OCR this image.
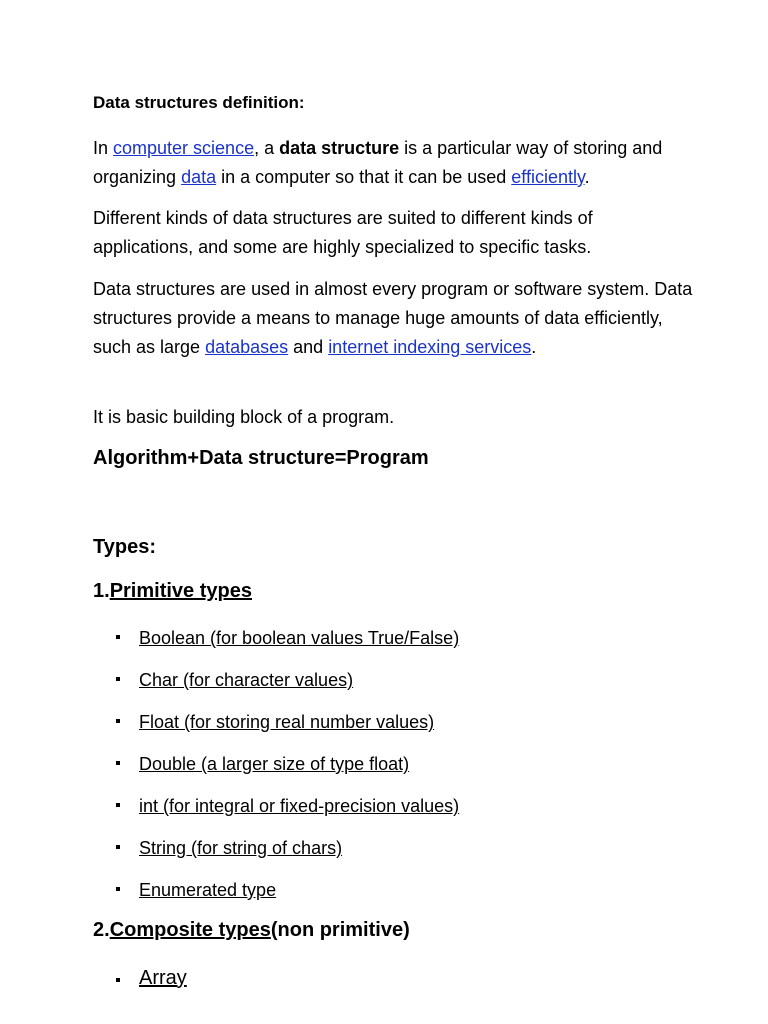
Data structures definition:
In computer science, a data structure is a particular way of storing and organizing data in a computer so that it can be used efficiently.
Different kinds of data structures are suited to different kinds of applications, and some are highly specialized to specific tasks.
Data structures are used in almost every program or software system. Data structures provide a means to manage huge amounts of data efficiently, such as large databases and internet indexing services.
It is basic building block of a program.
Algorithm+Data structure=Program
Types:
1.Primitive types
Boolean (for boolean values True/False)
Char (for character values)
Float (for storing real number values)
Double (a larger size of type float)
int (for integral or fixed-precision values)
String (for string of chars)
Enumerated type
2.Composite types(non primitive)
Array
